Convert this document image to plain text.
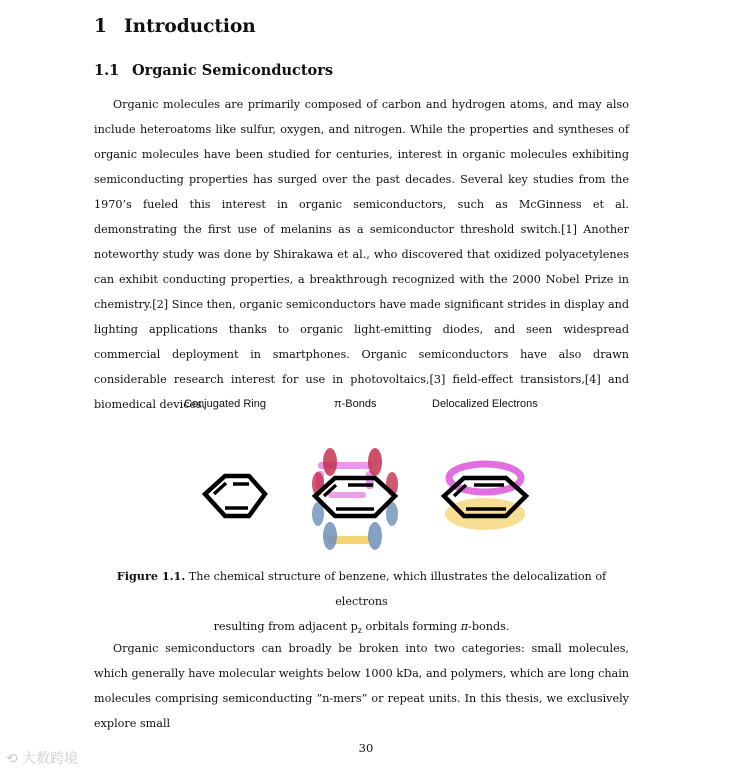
1 Introduction
1.1 Organic Semiconductors

Organic molecules are primarily composed of carbon and hydrogen atoms, and may also include heteroatoms like sulfur, oxygen, and nitrogen. While the properties and syntheses of organic molecules have been studied for centuries, interest in organic molecules exhibiting semiconducting properties has surged over the past decades. Several key studies from the 1970’s fueled this interest in organic semiconductors, such as McGinness et al. demonstrating the first use of melanins as a semiconductor threshold switch.[1] Another noteworthy study was done by Shirakawa et al., who discovered that oxidized polyacetylenes can exhibit conducting properties, a breakthrough recognized with the 2000 Nobel Prize in chemistry.[2] Since then, organic semiconductors have made significant strides in display and lighting applications thanks to organic light-emitting diodes, and seen widespread commercial deployment in smartphones. Organic semiconductors have also drawn considerable research interest for use in photovoltaics,[3] field-effect transistors,[4] and biomedical devices.

Conjugated Ring	π-Bonds	Delocalized Electrons

Figure 1.1. The chemical structure of benzene, which illustrates the delocalization of electrons
resulting from adjacent $p_z$ orbitals forming π-bonds.

Organic semiconductors can broadly be broken into two categories: small molecules, which generally have molecular weights below 1000 kDa, and polymers, which are long chain molecules comprising semiconducting ”n-mers” or repeat units. In this thesis, we exclusively explore small

30
⟲ 大数跨境
